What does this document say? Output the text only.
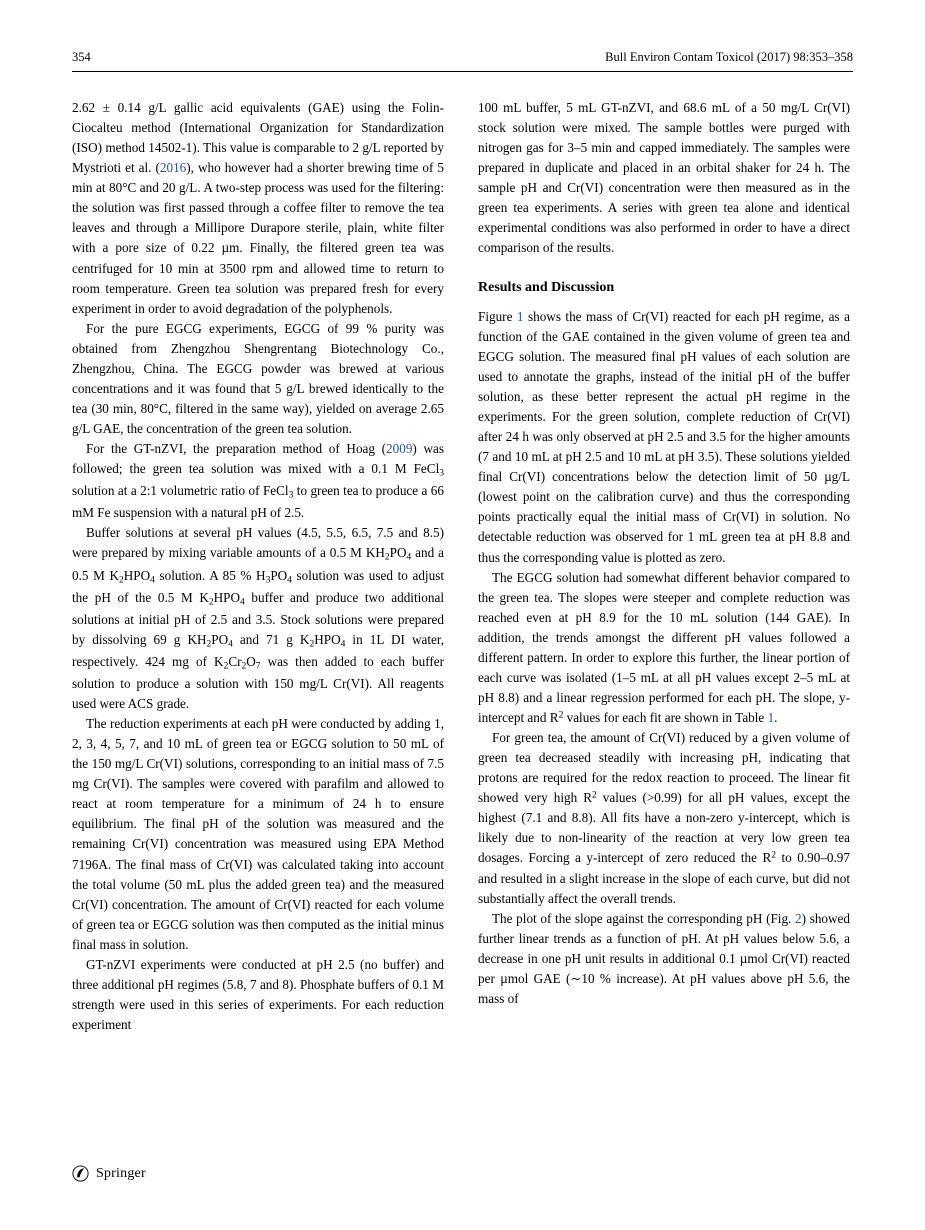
354	Bull Environ Contam Toxicol (2017) 98:353–358

2.62 ± 0.14 g/L gallic acid equivalents (GAE) using the Folin-Ciocalteu method (International Organization for Standardization (ISO) method 14502-1). This value is comparable to 2 g/L reported by Mystrioti et al. (2016), who however had a shorter brewing time of 5 min at 80°C and 20 g/L. A two-step process was used for the filtering: the solution was first passed through a coffee filter to remove the tea leaves and through a Millipore Durapore sterile, plain, white filter with a pore size of 0.22 µm. Finally, the filtered green tea was centrifuged for 10 min at 3500 rpm and allowed time to return to room temperature. Green tea solution was prepared fresh for every experiment in order to avoid degradation of the polyphenols.

For the pure EGCG experiments, EGCG of 99 % purity was obtained from Zhengzhou Shengrentang Biotechnology Co., Zhengzhou, China. The EGCG powder was brewed at various concentrations and it was found that 5 g/L brewed identically to the tea (30 min, 80°C, filtered in the same way), yielded on average 2.65 g/L GAE, the concentration of the green tea solution.

For the GT-nZVI, the preparation method of Hoag (2009) was followed; the green tea solution was mixed with a 0.1 M FeCl$_3$ solution at a 2:1 volumetric ratio of FeCl$_3$ to green tea to produce a 66 mM Fe suspension with a natural pH of 2.5.

Buffer solutions at several pH values (4.5, 5.5, 6.5, 7.5 and 8.5) were prepared by mixing variable amounts of a 0.5 M $KH_2PO_4$ and a 0.5 M $K_2HPO_4$ solution. A 85 % $H_3PO_4$ solution was used to adjust the pH of the 0.5 M $K_2HPO_4$ buffer and produce two additional solutions at initial pH of 2.5 and 3.5. Stock solutions were prepared by dissolving 69 g $KH_2PO_4$ and 71 g $K_2HPO_4$ in 1L DI water, respectively. 424 mg of $K_2Cr_2O_7$ was then added to each buffer solution to produce a solution with 150 mg/L Cr(VI). All reagents used were ACS grade.

The reduction experiments at each pH were conducted by adding 1, 2, 3, 4, 5, 7, and 10 mL of green tea or EGCG solution to 50 mL of the 150 mg/L Cr(VI) solutions, corresponding to an initial mass of 7.5 mg Cr(VI). The samples were covered with parafilm and allowed to react at room temperature for a minimum of 24 h to ensure equilibrium. The final pH of the solution was measured and the remaining Cr(VI) concentration was measured using EPA Method 7196A. The final mass of Cr(VI) was calculated taking into account the total volume (50 mL plus the added green tea) and the measured Cr(VI) concentration. The amount of Cr(VI) reacted for each volume of green tea or EGCG solution was then computed as the initial minus final mass in solution.

GT-nZVI experiments were conducted at pH 2.5 (no buffer) and three additional pH regimes (5.8, 7 and 8). Phosphate buffers of 0.1 M strength were used in this series of experiments. For each reduction experiment

100 mL buffer, 5 mL GT-nZVI, and 68.6 mL of a 50 mg/L Cr(VI) stock solution were mixed. The sample bottles were purged with nitrogen gas for 3–5 min and capped immediately. The samples were prepared in duplicate and placed in an orbital shaker for 24 h. The sample pH and Cr(VI) concentration were then measured as in the green tea experiments. A series with green tea alone and identical experimental conditions was also performed in order to have a direct comparison of the results.

Results and Discussion

Figure 1 shows the mass of Cr(VI) reacted for each pH regime, as a function of the GAE contained in the given volume of green tea and EGCG solution. The measured final pH values of each solution are used to annotate the graphs, instead of the initial pH of the buffer solution, as these better represent the actual pH regime in the experiments. For the green solution, complete reduction of Cr(VI) after 24 h was only observed at pH 2.5 and 3.5 for the higher amounts (7 and 10 mL at pH 2.5 and 10 mL at pH 3.5). These solutions yielded final Cr(VI) concentrations below the detection limit of 50 µg/L (lowest point on the calibration curve) and thus the corresponding points practically equal the initial mass of Cr(VI) in solution. No detectable reduction was observed for 1 mL green tea at pH 8.8 and thus the corresponding value is plotted as zero.

The EGCG solution had somewhat different behavior compared to the green tea. The slopes were steeper and complete reduction was reached even at pH 8.9 for the 10 mL solution (144 GAE). In addition, the trends amongst the different pH values followed a different pattern. In order to explore this further, the linear portion of each curve was isolated (1–5 mL at all pH values except 2–5 mL at pH 8.8) and a linear regression performed for each pH. The slope, y-intercept and $R^2$ values for each fit are shown in Table 1.

For green tea, the amount of Cr(VI) reduced by a given volume of green tea decreased steadily with increasing pH, indicating that protons are required for the redox reaction to proceed. The linear fit showed very high $R^2$ values (>0.99) for all pH values, except the highest (7.1 and 8.8). All fits have a non-zero y-intercept, which is likely due to non-linearity of the reaction at very low green tea dosages. Forcing a y-intercept of zero reduced the $R^2$ to 0.90–0.97 and resulted in a slight increase in the slope of each curve, but did not substantially affect the overall trends.

The plot of the slope against the corresponding pH (Fig. 2) showed further linear trends as a function of pH. At pH values below 5.6, a decrease in one pH unit results in additional 0.1 µmol Cr(VI) reacted per µmol GAE (∼10 % increase). At pH values above pH 5.6, the mass of

Springer
